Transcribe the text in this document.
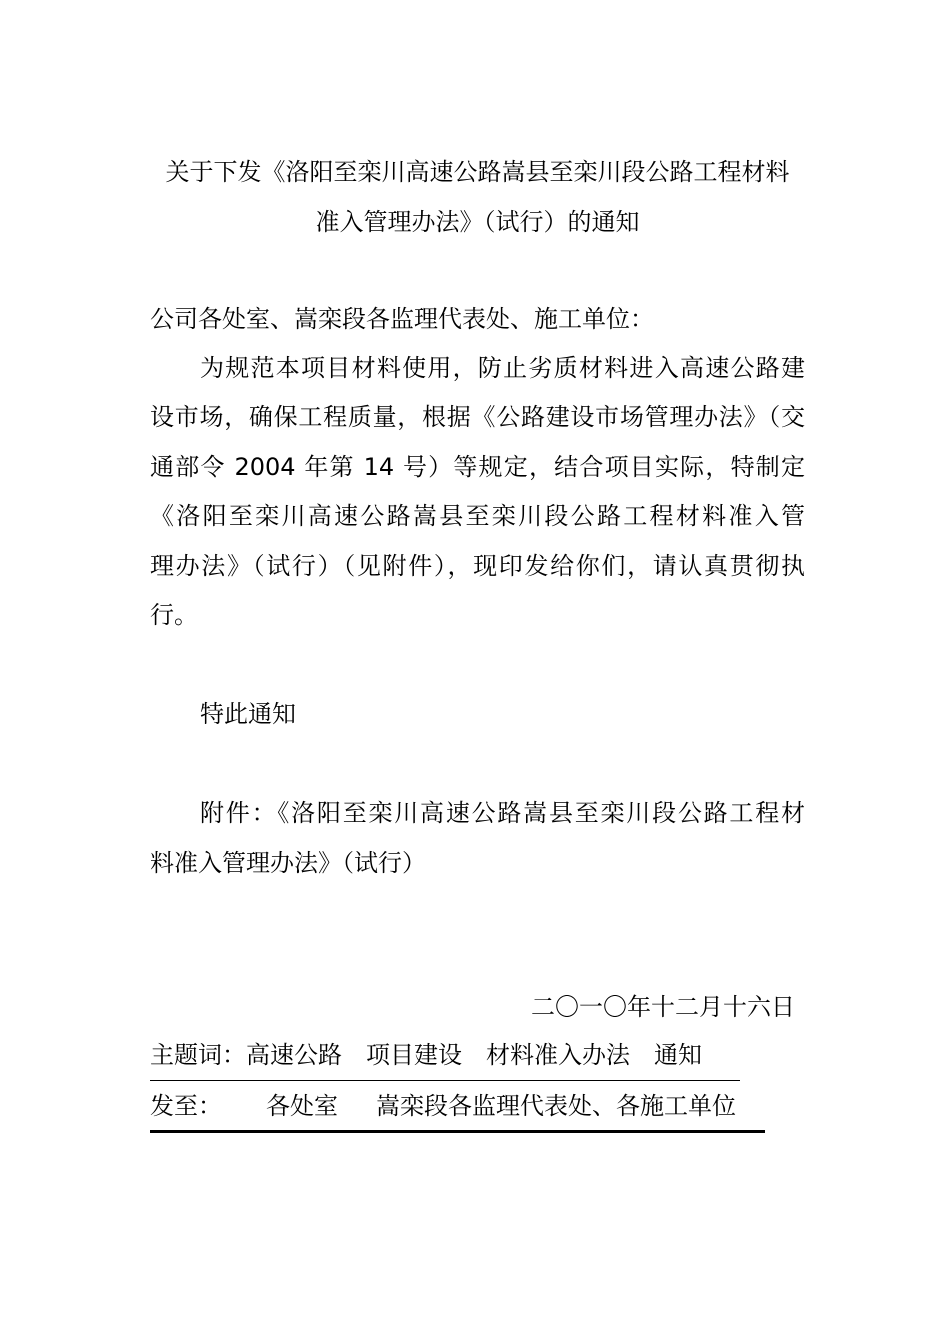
关于下发《洛阳至栾川高速公路嵩县至栾川段公路工程材料
准入管理办法》（试行）的通知

公司各处室、嵩栾段各监理代表处、施工单位：

为规范本项目材料使用，防止劣质材料进入高速公路建
设市场，确保工程质量，根据《公路建设市场管理办法》（交
通部令 2004 年第 14 号）等规定，结合项目实际，特制定
《洛阳至栾川高速公路嵩县至栾川段公路工程材料准入管
理办法》（试行）（见附件），现印发给你们，请认真贯彻执
行。

特此通知

附件：《洛阳至栾川高速公路嵩县至栾川段公路工程材
料准入管理办法》（试行）

二〇一〇年十二月十六日
主题词：高速公路 项目建设 材料准入办法 通知
发至： 各处室 嵩栾段各监理代表处、各施工单位
